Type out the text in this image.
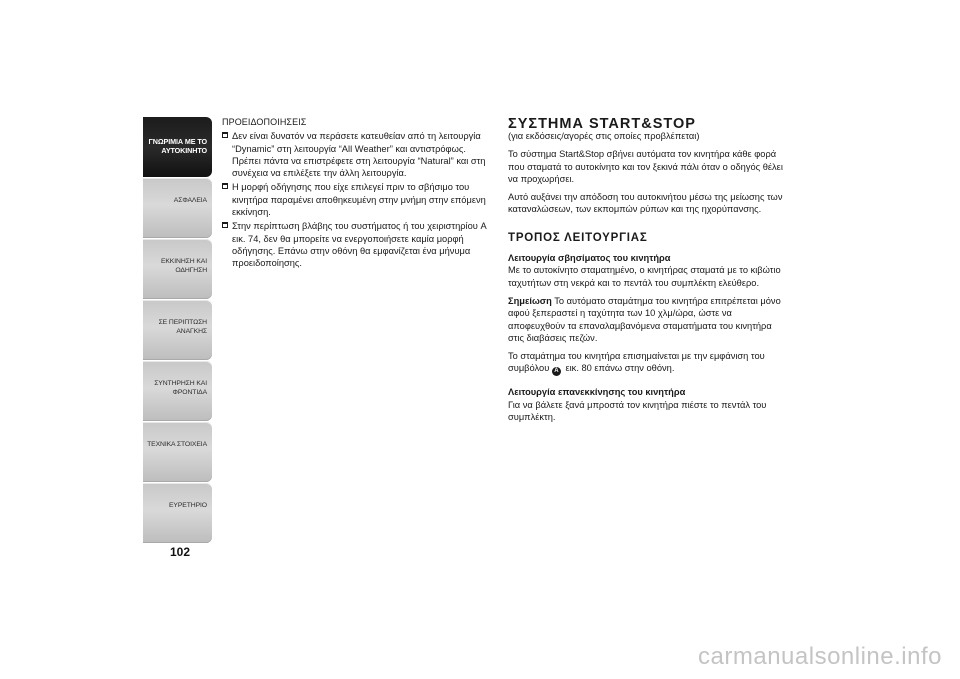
ΓΝΩΡΙΜΙΑ ΜΕ ΤΟ
ΑΥΤΟΚΙΝΗΤΟ
ΑΣΦΑΛΕΙΑ
ΕΚΚΙΝΗΣΗ ΚΑΙ
ΟΔΗΓΗΣΗ
ΣΕ ΠΕΡΙΠΤΩΣΗ
ΑΝΑΓΚΗΣ
ΣΥΝΤΗΡΗΣΗ ΚΑΙ
ΦΡΟΝΤΙΔΑ
ΤΕΧΝΙΚΑ ΣΤΟΙΧΕΙΑ
ΕΥΡΕΤΗΡΙΟ
102
ΠΡΟΕΙΔΟΠΟΙΗΣΕΙΣ
Δεν είναι δυνατόν να περάσετε κατευθείαν από τη λειτουργία “Dynamic” στη λειτουργία “All Weather” και αντιστρόφως. Πρέπει πάντα να επιστρέφετε στη λειτουργία “Natural” και στη συνέχεια να επιλέξετε την άλλη λειτουργία.
Η μορφή οδήγησης που είχε επιλεγεί πριν το σβήσιμο του κινητήρα παραμένει αποθηκευμένη στην μνήμη στην επόμενη εκκίνηση.
Στην περίπτωση βλάβης του συστήματος ή του χειριστηρίου A εικ. 74, δεν θα μπορείτε να ενεργοποιήσετε καμία μορφή οδήγησης. Επάνω στην οθόνη θα εμφανίζεται ένα μήνυμα προειδοποίησης.
ΣΥΣΤΗΜΑ START&STOP
(για εκδόσεις/αγορές στις οποίες προβλέπεται)
Το σύστημα Start&Stop σβήνει αυτόματα τον κινητήρα κάθε φορά που σταματά το αυτοκίνητο και τον ξεκινά πάλι όταν ο οδηγός θέλει να προχωρήσει.
Αυτό αυξάνει την απόδοση του αυτοκινήτου μέσω της μείωσης των καταναλώσεων, των εκπομπών ρύπων και της ηχορύπανσης.
ΤΡΟΠΟΣ ΛΕΙΤΟΥΡΓΙΑΣ
Λειτουργία σβησίματος του κινητήρα
Με το αυτοκίνητο σταματημένο, ο κινητήρας σταματά με το κιβώτιο ταχυτήτων στη νεκρά και το πεντάλ του συμπλέκτη ελεύθερο.
Σημείωση Το αυτόματο σταμάτημα του κινητήρα επιτρέπεται μόνο αφού ξεπεραστεί η ταχύτητα των 10 χλμ/ώρα, ώστε να αποφευχθούν τα επαναλαμβανόμενα σταματήματα του κινητήρα στις διαβάσεις πεζών.
Το σταμάτημα του κινητήρα επισημαίνεται με την εμφάνιση του συμβόλου A εικ. 80 επάνω στην οθόνη.
Λειτουργία επανεκκίνησης του κινητήρα
Για να βάλετε ξανά μπροστά τον κινητήρα πιέστε το πεντάλ του συμπλέκτη.
carmanualsonline.info
